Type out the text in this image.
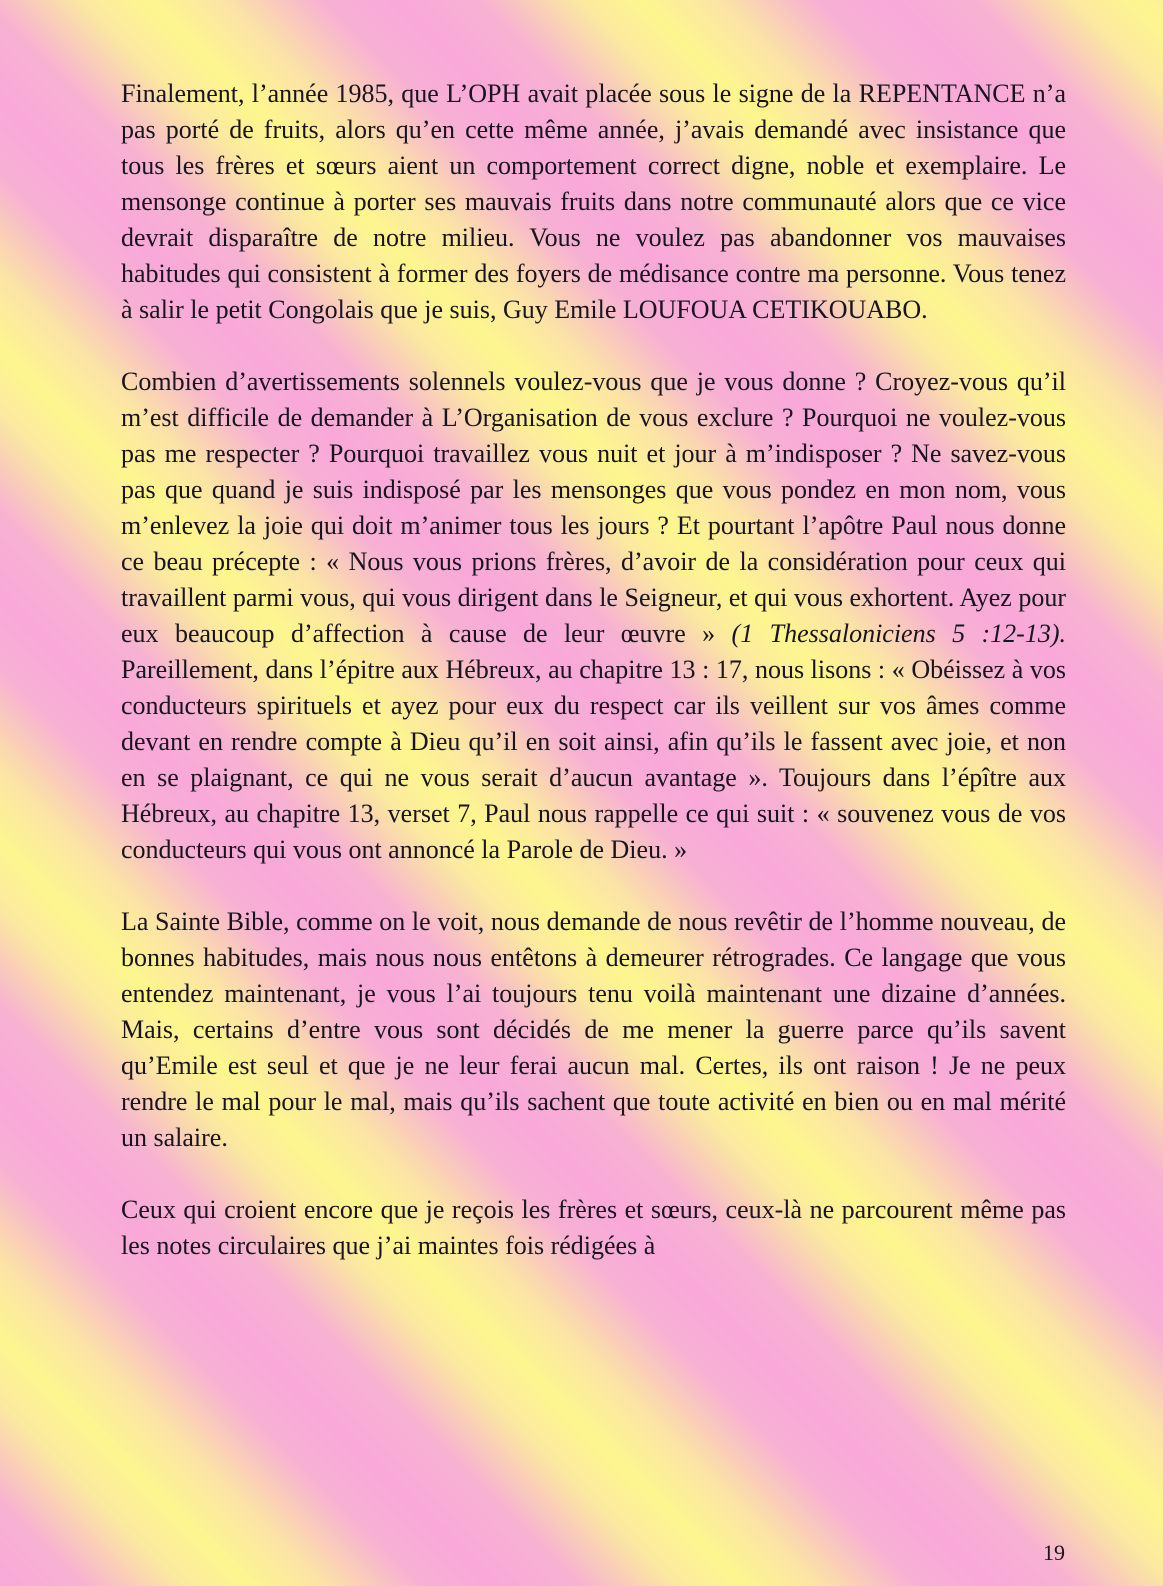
Finalement, l’année 1985, que L’OPH avait placée sous le signe de la REPENTANCE n’a pas porté de fruits, alors qu’en cette même année, j’avais demandé avec insistance que tous les frères et sœurs aient un comportement correct digne, noble et exemplaire. Le mensonge continue à porter ses mauvais fruits dans notre communauté alors que ce vice devrait disparaître de notre milieu. Vous ne voulez pas abandonner vos mauvaises habitudes qui consistent à former des foyers de médisance contre ma personne. Vous tenez à salir le petit Congolais que je suis, Guy Emile LOUFOUA CETIKOUABO.

Combien d’avertissements solennels voulez-vous que je vous donne ? Croyez-vous qu’il m’est difficile de demander à L’Organisation de vous exclure ? Pourquoi ne voulez-vous pas me respecter ? Pourquoi travaillez vous nuit et jour à m’indisposer ? Ne savez-vous pas que quand je suis indisposé par les mensonges que vous pondez en mon nom, vous m’enlevez la joie qui doit m’animer tous les jours ? Et pourtant l’apôtre Paul nous donne ce beau précepte : « Nous vous prions frères, d’avoir de la considération pour ceux qui travaillent parmi vous, qui vous dirigent dans le Seigneur, et qui vous exhortent. Ayez pour eux beaucoup d’affection à cause de leur œuvre » (1 Thessaloniciens 5 :12-13). Pareillement, dans l’épitre aux Hébreux, au chapitre 13 : 17, nous lisons : « Obéissez à vos conducteurs spirituels et ayez pour eux du respect car ils veillent sur vos âmes comme devant en rendre compte à Dieu qu’il en soit ainsi, afin qu’ils le fassent avec joie, et non en se plaignant, ce qui ne vous serait d’aucun avantage ». Toujours dans l’épître aux Hébreux, au chapitre 13, verset 7, Paul nous rappelle ce qui suit : « souvenez vous de vos conducteurs qui vous ont annoncé la Parole de Dieu. »

La Sainte Bible, comme on le voit, nous demande de nous revêtir de l’homme nouveau, de bonnes habitudes, mais nous nous entêtons à demeurer rétrogrades. Ce langage que vous entendez maintenant, je vous l’ai toujours tenu voilà maintenant une dizaine d’années. Mais, certains d’entre vous sont décidés de me mener la guerre parce qu’ils savent qu’Emile est seul et que je ne leur ferai aucun mal. Certes, ils ont raison ! Je ne peux rendre le mal pour le mal, mais qu’ils sachent que toute activité en bien ou en mal mérité un salaire.

Ceux qui croient encore que je reçois les frères et sœurs, ceux-là ne parcourent même pas les notes circulaires que j’ai maintes fois rédigées à

19
